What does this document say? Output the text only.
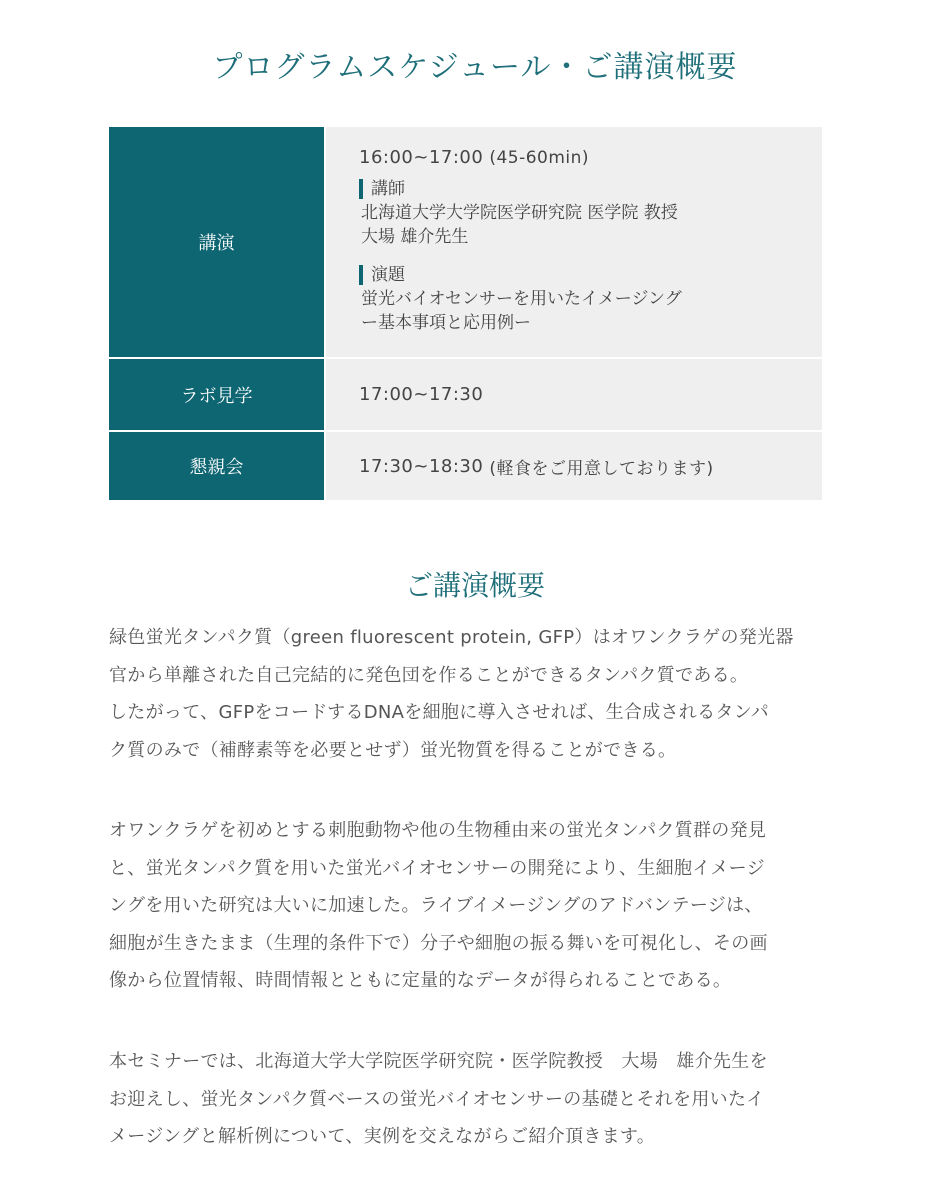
プログラムスケジュール・ご講演概要
講演
16:00~17:00 (45-60min)
講師
北海道大学大学院医学研究院 医学院 教授
大場 雄介先生
演題
蛍光バイオセンサーを用いたイメージング
ー基本事項と応用例ー
ラボ見学	17:00~17:30
懇親会	17:30~18:30 (軽食をご用意しております)
ご講演概要

緑色蛍光タンパク質（green fluorescent protein, GFP）はオワンクラゲの発光器
官から単離された自己完結的に発色団を作ることができるタンパク質である。
したがって、GFPをコードするDNAを細胞に導入させれば、生合成されるタンパ
ク質のみで（補酵素等を必要とせず）蛍光物質を得ることができる。

オワンクラゲを初めとする刺胞動物や他の生物種由来の蛍光タンパク質群の発見
と、蛍光タンパク質を用いた蛍光バイオセンサーの開発により、生細胞イメージ
ングを用いた研究は大いに加速した。ライブイメージングのアドバンテージは、
細胞が生きたまま（生理的条件下で）分子や細胞の振る舞いを可視化し、その画
像から位置情報、時間情報とともに定量的なデータが得られることである。

本セミナーでは、北海道大学大学院医学研究院・医学院教授　大場　雄介先生を
お迎えし、蛍光タンパク質ベースの蛍光バイオセンサーの基礎とそれを用いたイ
メージングと解析例について、実例を交えながらご紹介頂きます。
